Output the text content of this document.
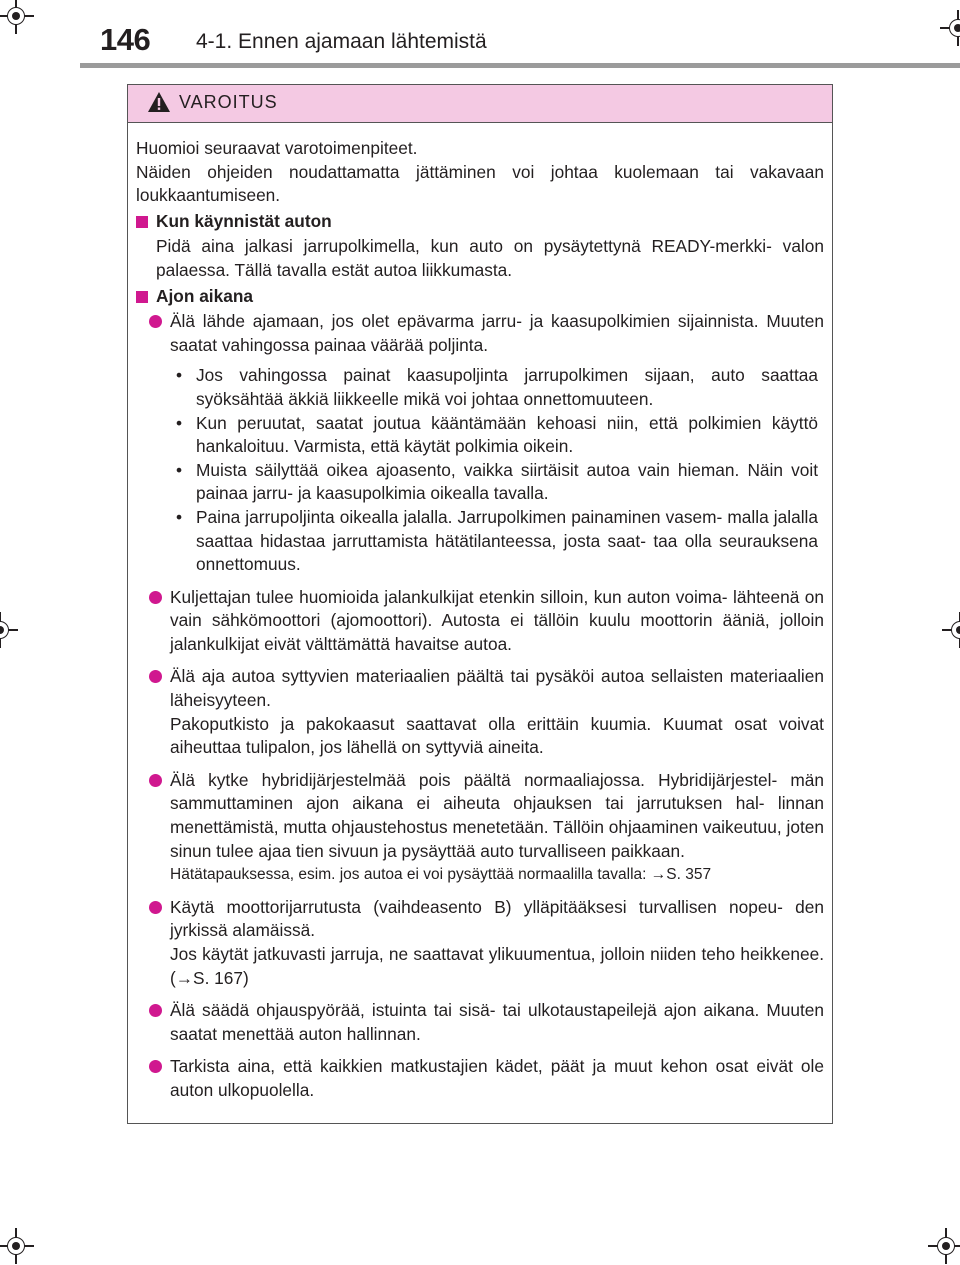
146 4-1. Ennen ajamaan lähtemistä
VAROITUS

Huomioi seuraavat varotoimenpiteet.

Näiden ohjeiden noudattamatta jättäminen voi johtaa kuolemaan tai vakavaan loukkaantumiseen.

Kun käynnistät auton

Pidä aina jalkasi jarrupolkimella, kun auto on pysäytettynä READY-merkki- valon palaessa. Tällä tavalla estät autoa liikkumasta.

Ajon aikana

Älä lähde ajamaan, jos olet epävarma jarru- ja kaasupolkimien sijainnista. Muuten saatat vahingossa painaa väärää poljinta.

• Jos vahingossa painat kaasupoljinta jarrupolkimen sijaan, auto saattaa syöksähtää äkkiä liikkeelle mikä voi johtaa onnettomuuteen.

• Kun peruutat, saatat joutua kääntämään kehoasi niin, että polkimien käyttö hankaloituu. Varmista, että käytät polkimia oikein.

• Muista säilyttää oikea ajoasento, vaikka siirtäisit autoa vain hieman. Näin voit painaa jarru- ja kaasupolkimia oikealla tavalla.

• Paina jarrupoljinta oikealla jalalla. Jarrupolkimen painaminen vasem- malla jalalla saattaa hidastaa jarruttamista hätätilanteessa, josta saat- taa olla seurauksena onnettomuus.

Kuljettajan tulee huomioida jalankulkijat etenkin silloin, kun auton voima- lähteenä on vain sähkömoottori (ajomoottori). Autosta ei tällöin kuulu moottorin ääniä, jolloin jalankulkijat eivät välttämättä havaitse autoa.

Älä aja autoa syttyvien materiaalien päältä tai pysäköi autoa sellaisten materiaalien läheisyyteen.

Pakoputkisto ja pakokaasut saattavat olla erittäin kuumia. Kuumat osat voivat aiheuttaa tulipalon, jos lähellä on syttyviä aineita.

Älä kytke hybridijärjestelmää pois päältä normaaliajossa. Hybridijärjestel- män sammuttaminen ajon aikana ei aiheuta ohjauksen tai jarrutuksen hal- linnan menettämistä, mutta ohjaustehostus menetetään. Tällöin ohjaaminen vaikeutuu, joten sinun tulee ajaa tien sivuun ja pysäyttää auto turvalliseen paikkaan.

Hätätapauksessa, esim. jos autoa ei voi pysäyttää normaalilla tavalla: →S. 357

Käytä moottorijarrutusta (vaihdeasento B) ylläpitääksesi turvallisen nopeu- den jyrkissä alamäissä.

Jos käytät jatkuvasti jarruja, ne saattavat ylikuumentua, jolloin niiden teho heikkenee. (→S. 167)

Älä säädä ohjauspyörää, istuinta tai sisä- tai ulkotaustapeilejä ajon aikana. Muuten saatat menettää auton hallinnan.

Tarkista aina, että kaikkien matkustajien kädet, päät ja muut kehon osat eivät ole auton ulkopuolella.
